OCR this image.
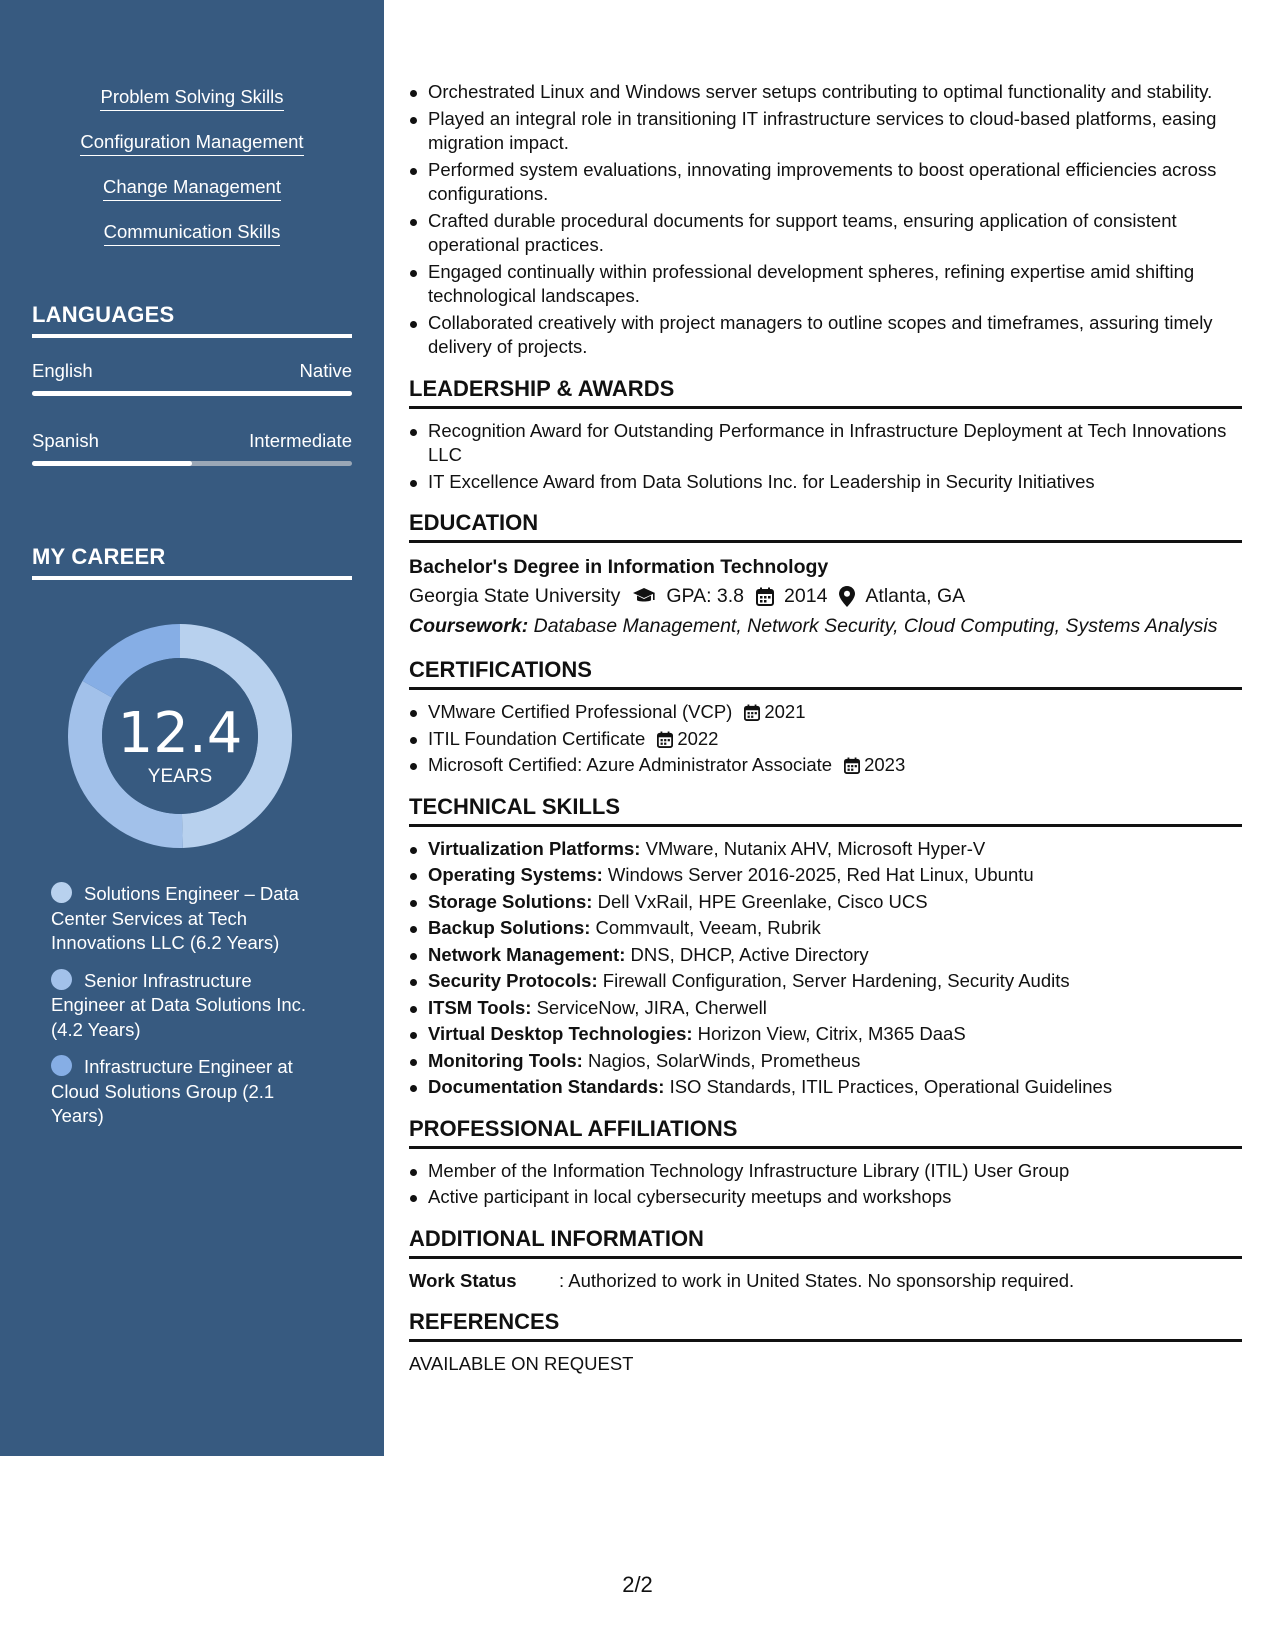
Problem Solving Skills
Configuration Management
Change Management
Communication Skills
LANGUAGES
English	Native
Spanish	Intermediate
MY CAREER
12.4
YEARS
Solutions Engineer – Data Center Services at Tech Innovations LLC (6.2 Years)
Senior Infrastructure Engineer at Data Solutions Inc. (4.2 Years)
Infrastructure Engineer at Cloud Solutions Group (2.1 Years)
Orchestrated Linux and Windows server setups contributing to optimal functionality and stability.
Played an integral role in transitioning IT infrastructure services to cloud-based platforms, easing migration impact.
Performed system evaluations, innovating improvements to boost operational efficiencies across configurations.
Crafted durable procedural documents for support teams, ensuring application of consistent operational practices.
Engaged continually within professional development spheres, refining expertise amid shifting technological landscapes.
Collaborated creatively with project managers to outline scopes and timeframes, assuring timely delivery of projects.
LEADERSHIP & AWARDS
Recognition Award for Outstanding Performance in Infrastructure Deployment at Tech Innovations LLC
IT Excellence Award from Data Solutions Inc. for Leadership in Security Initiatives
EDUCATION
Bachelor's Degree in Information Technology
Georgia State University GPA: 3.8 2014 Atlanta, GA
Coursework: Database Management, Network Security, Cloud Computing, Systems Analysis
CERTIFICATIONS
VMware Certified Professional (VCP) 2021
ITIL Foundation Certificate 2022
Microsoft Certified: Azure Administrator Associate 2023
TECHNICAL SKILLS
Virtualization Platforms: VMware, Nutanix AHV, Microsoft Hyper-V
Operating Systems: Windows Server 2016-2025, Red Hat Linux, Ubuntu
Storage Solutions: Dell VxRail, HPE Greenlake, Cisco UCS
Backup Solutions: Commvault, Veeam, Rubrik
Network Management: DNS, DHCP, Active Directory
Security Protocols: Firewall Configuration, Server Hardening, Security Audits
ITSM Tools: ServiceNow, JIRA, Cherwell
Virtual Desktop Technologies: Horizon View, Citrix, M365 DaaS
Monitoring Tools: Nagios, SolarWinds, Prometheus
Documentation Standards: ISO Standards, ITIL Practices, Operational Guidelines
PROFESSIONAL AFFILIATIONS
Member of the Information Technology Infrastructure Library (ITIL) User Group
Active participant in local cybersecurity meetups and workshops
ADDITIONAL INFORMATION
Work Status	: Authorized to work in United States. No sponsorship required.
REFERENCES
AVAILABLE ON REQUEST
2/2
